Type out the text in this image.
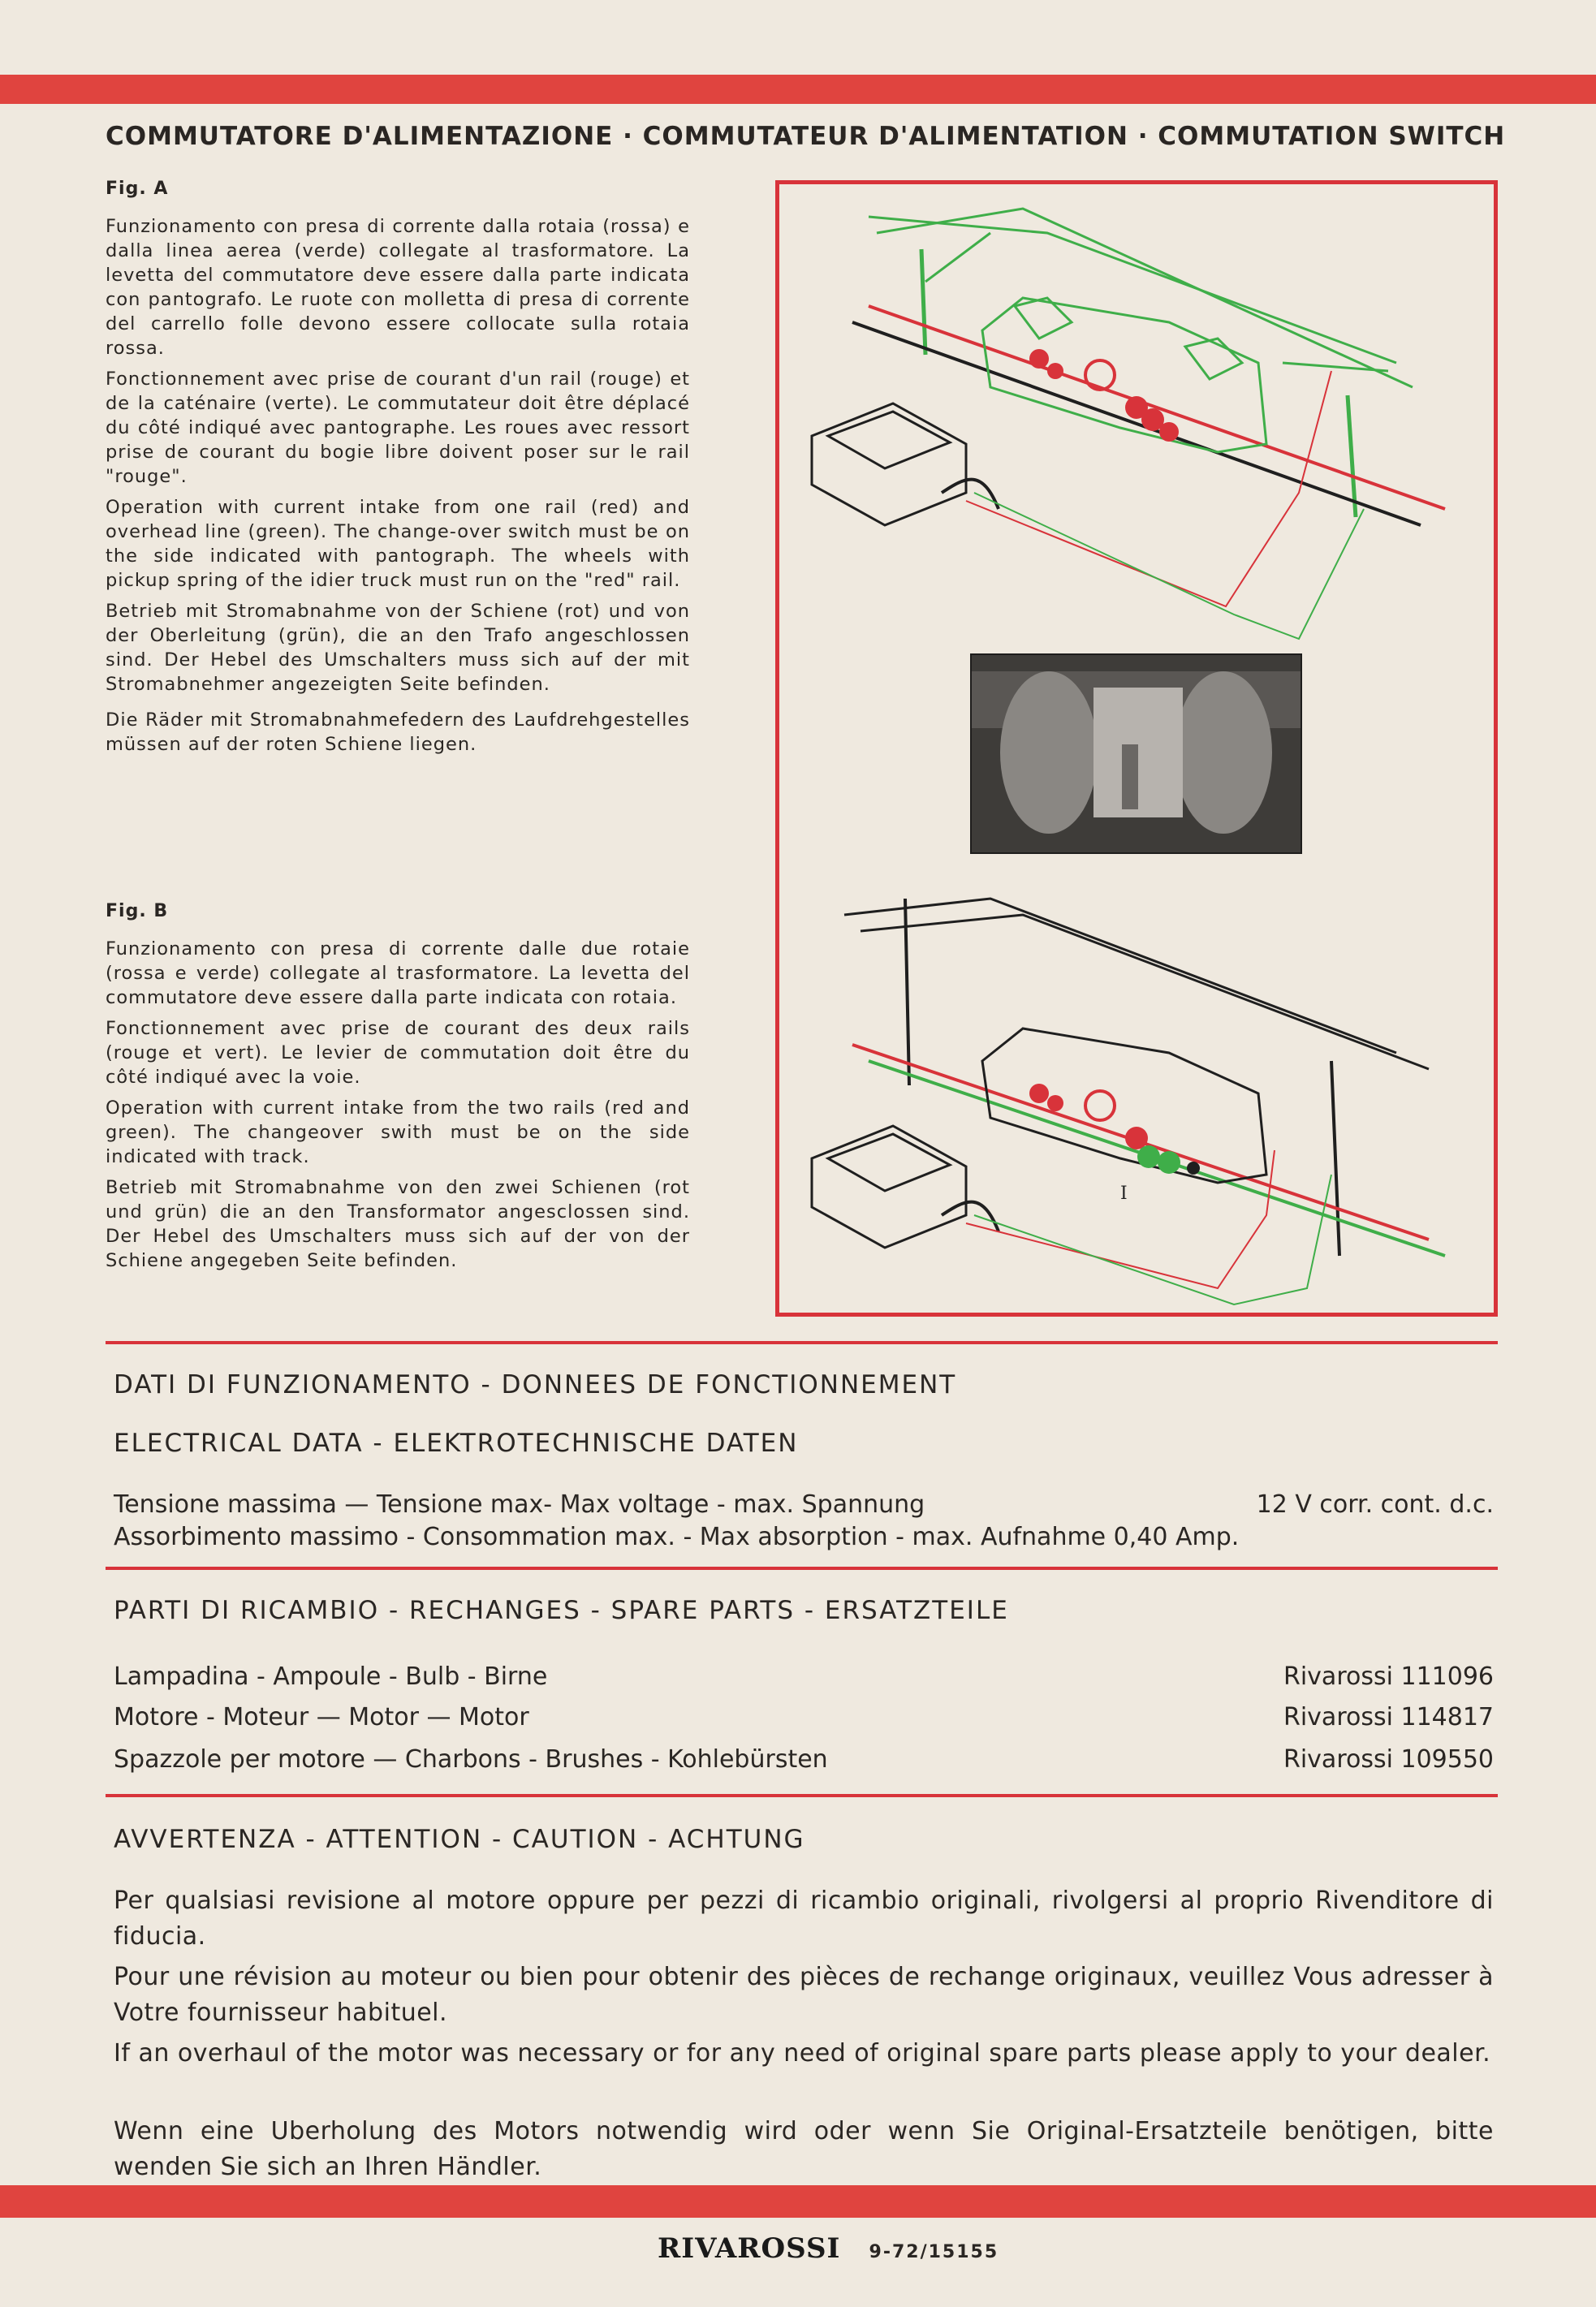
COMMUTATORE D'ALIMENTAZIONE · COMMUTATEUR D'ALIMENTATION · COMMUTATION SWITCH
Fig. A

Funzionamento con presa di corrente dalla rotaia (rossa) e dalla linea aerea (verde) collegate al trasformatore. La levetta del commutatore deve essere dalla parte indicata con pantografo. Le ruote con molletta di presa di corrente del carrello folle devono essere collocate sulla rotaia rossa.

Fonctionnement avec prise de courant d'un rail (rouge) et de la caténaire (verte). Le commutateur doit être déplacé du côté indiqué avec pantographe. Les roues avec ressort prise de courant du bogie libre doivent poser sur le rail "rouge".

Operation with current intake from one rail (red) and overhead line (green). The change-over switch must be on the side indicated with pantograph. The wheels with pickup spring of the idier truck must run on the "red" rail.

Betrieb mit Stromabnahme von der Schiene (rot) und von der Oberleitung (grün), die an den Trafo angeschlossen sind. Der Hebel des Umschalters muss sich auf der mit Stromabnehmer angezeigten Seite befinden.

Die Räder mit Stromabnahmefedern des Laufdrehgestelles müssen auf der roten Schiene liegen.

Fig. B

Funzionamento con presa di corrente dalle due rotaie (rossa e verde) collegate al trasformatore. La levetta del commutatore deve essere dalla parte indicata con rotaia.

Fonctionnement avec prise de courant des deux rails (rouge et vert). Le levier de commutation doit être du côté indiqué avec la voie.

Operation with current intake from the two rails (red and green). The changeover swith must be on the side indicated with track.

Betrieb mit Stromabnahme von den zwei Schienen (rot und grün) die an den Transformator angesclossen sind. Der Hebel des Umschalters muss sich auf der von der Schiene angegeben Seite befinden.

I
DATI DI FUNZIONAMENTO - DONNEES DE FONCTIONNEMENT
ELECTRICAL DATA - ELEKTROTECHNISCHE DATEN
Tensione massima — Tensione max- Max voltage - max. Spannung	12 V corr. cont. d.c.
Assorbimento massimo - Consommation max. - Max absorption - max. Aufnahme 0,40 Amp.
PARTI DI RICAMBIO - RECHANGES - SPARE PARTS - ERSATZTEILE
Lampadina - Ampoule - Bulb - Birne	Rivarossi 111096
Motore - Moteur — Motor — Motor	Rivarossi 114817
Spazzole per motore — Charbons - Brushes - Kohlebürsten	Rivarossi 109550
AVVERTENZA - ATTENTION - CAUTION - ACHTUNG
Per qualsiasi revisione al motore oppure per pezzi di ricambio originali, rivolgersi al proprio Rivenditore di fiducia.
Pour une révision au moteur ou bien pour obtenir des pièces de rechange originaux, veuillez Vous adresser à Votre fournisseur habituel.
If an overhaul of the motor was necessary or for any need of original spare parts please apply to your dealer.
Wenn eine Uberholung des Motors notwendig wird oder wenn Sie Original-Ersatzteile benötigen, bitte wenden Sie sich an Ihren Händler.
RIVAROSSI 9-72/15155
